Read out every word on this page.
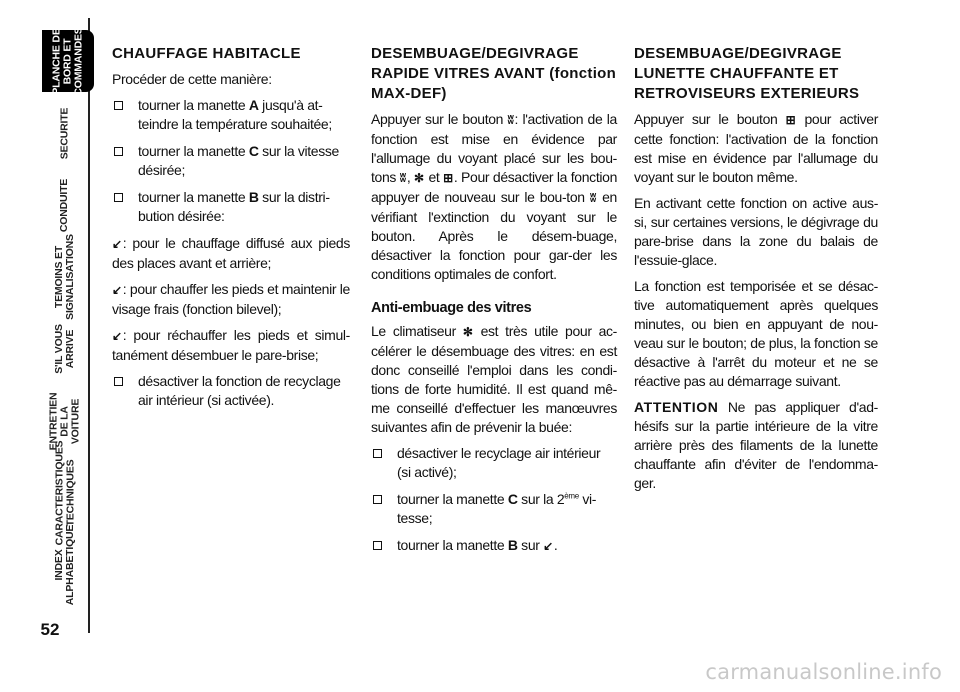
PLANCHE DE
BORD ET
COMMANDES
SECURITE
CONDUITE
TEMOINS ET
SIGNALISATIONS
S'IL VOUS
ARRIVE
ENTRETIEN
DE LA VOITURE
CARACTERISTIQUES
TECHNIQUES
INDEX
ALPHABETIQUE
52
CHAUFFAGE HABITACLE

Procéder de cette manière:

tourner la manette A jusqu'à at-teindre la température souhaitée;
tourner la manette C sur la vitesse désirée;
tourner la manette B sur la distri-bution désirée:

↙: pour le chauffage diffusé aux pieds des places avant et arrière;

↙: pour chauffer les pieds et maintenir le visage frais (fonction bilevel);

↙: pour réchauffer les pieds et simul-tanément désembuer le pare-brise;

désactiver la fonction de recyclage air intérieur (si activée).
DESEMBUAGE/DEGIVRAGE RAPIDE VITRES AVANT (fonction MAX-DEF)

Appuyer sur le bouton ʬ: l'activation de la fonction est mise en évidence par l'allumage du voyant placé sur les bou-tons ʬ, ✻ et ⊞. Pour désactiver la fonction appuyer de nouveau sur le bou-ton ʬ en vérifiant l'extinction du voyant sur le bouton. Après le désem-buage, désactiver la fonction pour gar-der les conditions optimales de confort.

Anti-embuage des vitres

Le climatiseur ✻ est très utile pour ac-célérer le désembuage des vitres: en est donc conseillé l'emploi dans les condi-tions de forte humidité. Il est quand mê-me conseillé d'effectuer les manœuvres suivantes afin de prévenir la buée:

désactiver le recyclage air intérieur (si activé);
tourner la manette C sur la 2ème vi-tesse;
tourner la manette B sur ↙.
DESEMBUAGE/DEGIVRAGE LUNETTE CHAUFFANTE ET RETROVISEURS EXTERIEURS

Appuyer sur le bouton ⊞ pour activer cette fonction: l'activation de la fonction est mise en évidence par l'allumage du voyant sur le bouton même.

En activant cette fonction on active aus-si, sur certaines versions, le dégivrage du pare-brise dans la zone du balais de l'essuie-glace.

La fonction est temporisée et se désac-tive automatiquement après quelques minutes, ou bien en appuyant de nou-veau sur le bouton; de plus, la fonction se désactive à l'arrêt du moteur et ne se réactive pas au démarrage suivant.

ATTENTION Ne pas appliquer d'ad-hésifs sur la partie intérieure de la vitre arrière près des filaments de la lunette chauffante afin d'éviter de l'endomma-ger.

carmanualsonline.info
